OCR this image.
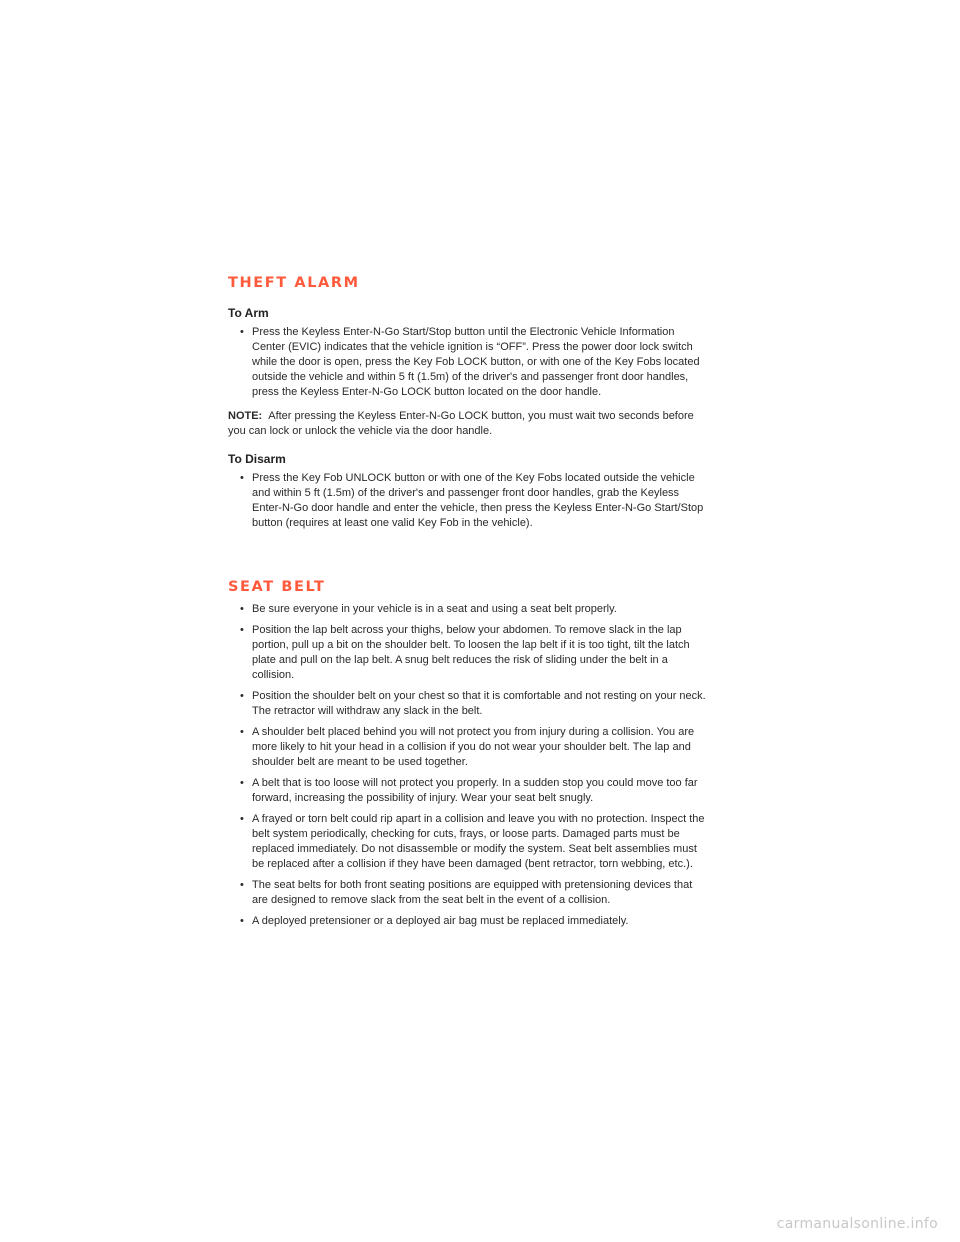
THEFT ALARM
To Arm
• Press the Keyless Enter-N-Go Start/Stop button until the Electronic Vehicle Information Center (EVIC) indicates that the vehicle ignition is “OFF”. Press the power door lock switch while the door is open, press the Key Fob LOCK button, or with one of the Key Fobs located outside the vehicle and within 5 ft (1.5m) of the driver's and passenger front door handles, press the Keyless Enter-N-Go LOCK button located on the door handle.

NOTE: After pressing the Keyless Enter-N-Go LOCK button, you must wait two seconds before you can lock or unlock the vehicle via the door handle.

To Disarm
• Press the Key Fob UNLOCK button or with one of the Key Fobs located outside the vehicle and within 5 ft (1.5m) of the driver's and passenger front door handles, grab the Keyless Enter-N-Go door handle and enter the vehicle, then press the Keyless Enter-N-Go Start/Stop button (requires at least one valid Key Fob in the vehicle).
SEAT BELT
• Be sure everyone in your vehicle is in a seat and using a seat belt properly.
• Position the lap belt across your thighs, below your abdomen. To remove slack in the lap portion, pull up a bit on the shoulder belt. To loosen the lap belt if it is too tight, tilt the latch plate and pull on the lap belt. A snug belt reduces the risk of sliding under the belt in a collision.
• Position the shoulder belt on your chest so that it is comfortable and not resting on your neck. The retractor will withdraw any slack in the belt.
• A shoulder belt placed behind you will not protect you from injury during a collision. You are more likely to hit your head in a collision if you do not wear your shoulder belt. The lap and shoulder belt are meant to be used together.
• A belt that is too loose will not protect you properly. In a sudden stop you could move too far forward, increasing the possibility of injury. Wear your seat belt snugly.
• A frayed or torn belt could rip apart in a collision and leave you with no protection. Inspect the belt system periodically, checking for cuts, frays, or loose parts. Damaged parts must be replaced immediately. Do not disassemble or modify the system. Seat belt assemblies must be replaced after a collision if they have been damaged (bent retractor, torn webbing, etc.).
• The seat belts for both front seating positions are equipped with pretensioning devices that are designed to remove slack from the seat belt in the event of a collision.
• A deployed pretensioner or a deployed air bag must be replaced immediately.
carmanualsonline.info
